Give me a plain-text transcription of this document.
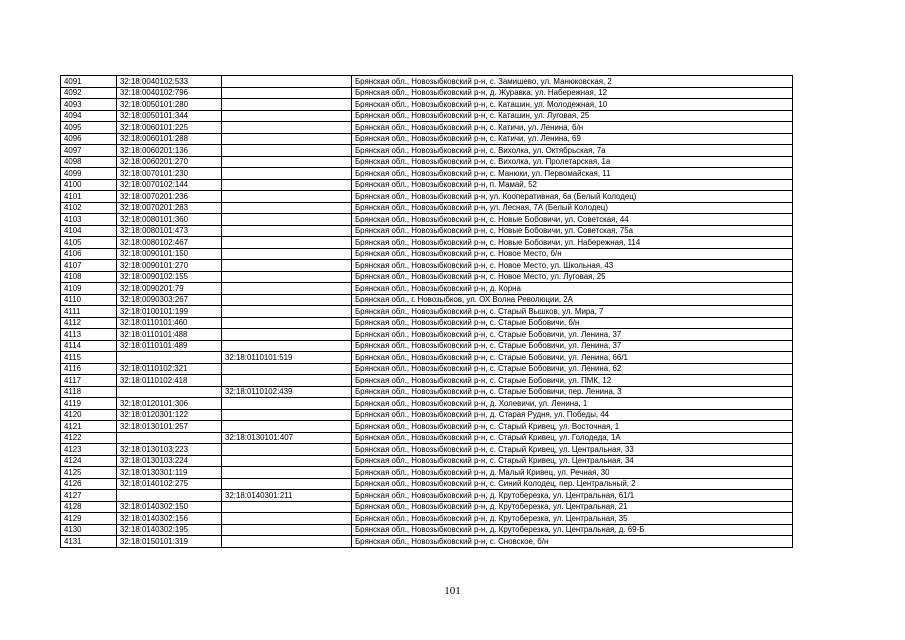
4091	32:18:0040102:533		Брянская обл., Новозыбковский р-н, с. Замишево, ул. Манюковская, 2
4092	32:18:0040102:796		Брянская обл., Новозыбковский р-н, д. Журавка, ул. Набережная, 12
4093	32:18:0050101:280		Брянская обл., Новозыбковский р-н, с. Каташин, ул. Молодежная, 10
4094	32:18:0050101:344		Брянская обл., Новозыбковский р-н, с. Каташин, ул. Луговая, 25
4095	32:18:0060101:225		Брянская обл., Новозыбковский р-н, с. Катичи, ул. Ленина, б/н
4096	32:18:0060101:288		Брянская обл., Новозыбковский р-н, с. Катичи, ул. Ленина, 69
4097	32:18:0060201:136		Брянская обл., Новозыбковский р-н, с. Вихолка, ул. Октябрьская, 7а
4098	32:18:0060201:270		Брянская обл., Новозыбковский р-н, с. Вихолка, ул. Пролетарская, 1а
4099	32:18:0070101:230		Брянская обл., Новозыбковский р-н, с. Манюки, ул. Первомайская, 11
4100	32:18:0070102:144		Брянская обл., Новозыбковский р-н, п. Мамай, 52
4101	32:18:0070201:236		Брянская обл., Новозыбковский р-н, ул. Кооперативная, 6а (Белый Колодец)
4102	32:18:0070201:283		Брянская обл., Новозыбковский р-н, ул. Лесная, 7А (Белый Колодец)
4103	32:18:0080101:360		Брянская обл., Новозыбковский р-н, с. Новые Бобовичи, ул. Советская, 44
4104	32:18:0080101:473		Брянская обл., Новозыбковский р-н, с. Новые Бобовичи, ул. Советская, 75а
4105	32:18:0080102:467		Брянская обл., Новозыбковский р-н, с. Новые Бобовичи, ул. Набережная, 114
4106	32:18:0090101:150		Брянская обл., Новозыбковский р-н, с. Новое Место, б/н
4107	32:18:0090101:270		Брянская обл., Новозыбковский р-н, с. Новое Место, ул. Школьная, 43
4108	32:18:0090102:155		Брянская обл., Новозыбковский р-н, с. Новое Место, ул. Луговая, 25
4109	32:18:0090201:79		Брянская обл., Новозыбковский р-н, д. Корна
4110	32:18:0090303:267		Брянская обл., г. Новозыбков, ул. ОХ Волна Революции, 2А
4111	32:18:0100101:199		Брянская обл., Новозыбковский р-н, с. Старый Вышков, ул. Мира, 7
4112	32:18:0110101:460		Брянская обл., Новозыбковский р-н, с. Старые Бобовичи, б/н
4113	32:18:0110101:488		Брянская обл., Новозыбковский р-н, с. Старые Бобовичи, ул. Ленина, 37
4114	32:18:0110101:489		Брянская обл., Новозыбковский р-н, с. Старые Бобовичи, ул. Ленина, 37
4115		32:18:0110101:519	Брянская обл., Новозыбковский р-н, с. Старые Бобовичи, ул. Ленина, 66/1
4116	32:18:0110102:321		Брянская обл., Новозыбковский р-н, с. Старые Бобовичи, ул. Ленина, 62
4117	32:18:0110102:418		Брянская обл., Новозыбковский р-н, с. Старые Бобовичи, ул. ПМК, 12
4118		32:18:0110102:439	Брянская обл., Новозыбковский р-н, с. Старые Бобовичи, пер. Ленина, 3
4119	32:18:0120101:306		Брянская обл., Новозыбковский р-н, д. Холевичи, ул. Ленина, 1
4120	32:18:0120301:122		Брянская обл., Новозыбковский р-н, д. Старая Рудня, ул. Победы, 44
4121	32:18:0130101:257		Брянская обл., Новозыбковский р-н, с. Старый Кривец, ул. Восточная, 1
4122		32:18:0130101:407	Брянская обл., Новозыбковский р-н, с. Старый Кривец, ул. Голодеда, 1А
4123	32:18:0130103:223		Брянская обл., Новозыбковский р-н, с. Старый Кривец, ул. Центральная, 33
4124	32:18:0130103:224		Брянская обл., Новозыбковский р-н, с. Старый Кривец, ул. Центральная, 34
4125	32:18:0130301:119		Брянская обл., Новозыбковский р-н, д. Малый Кривец, ул. Речная, 30
4126	32:18:0140102:275		Брянская обл., Новозыбковский р-н, с. Синий Колодец, пер. Центральный, 2
4127		32:18:0140301:211	Брянская обл., Новозыбковский р-н, д. Крутоберезка, ул. Центральная, 61/1
4128	32:18:0140302:150		Брянская обл., Новозыбковский р-н, д. Крутоберезка, ул. Центральная, 21
4129	32:18:0140302:156		Брянская обл., Новозыбковский р-н, д. Крутоберезка, ул. Центральная, 35
4130	32:18:0140302:195		Брянская обл., Новозыбковский р-н, д. Крутоберезка, ул. Центральная, д. 69-Б
4131	32:18:0150101:319		Брянская обл., Новозыбковский р-н, с. Сновское, б/н
101
